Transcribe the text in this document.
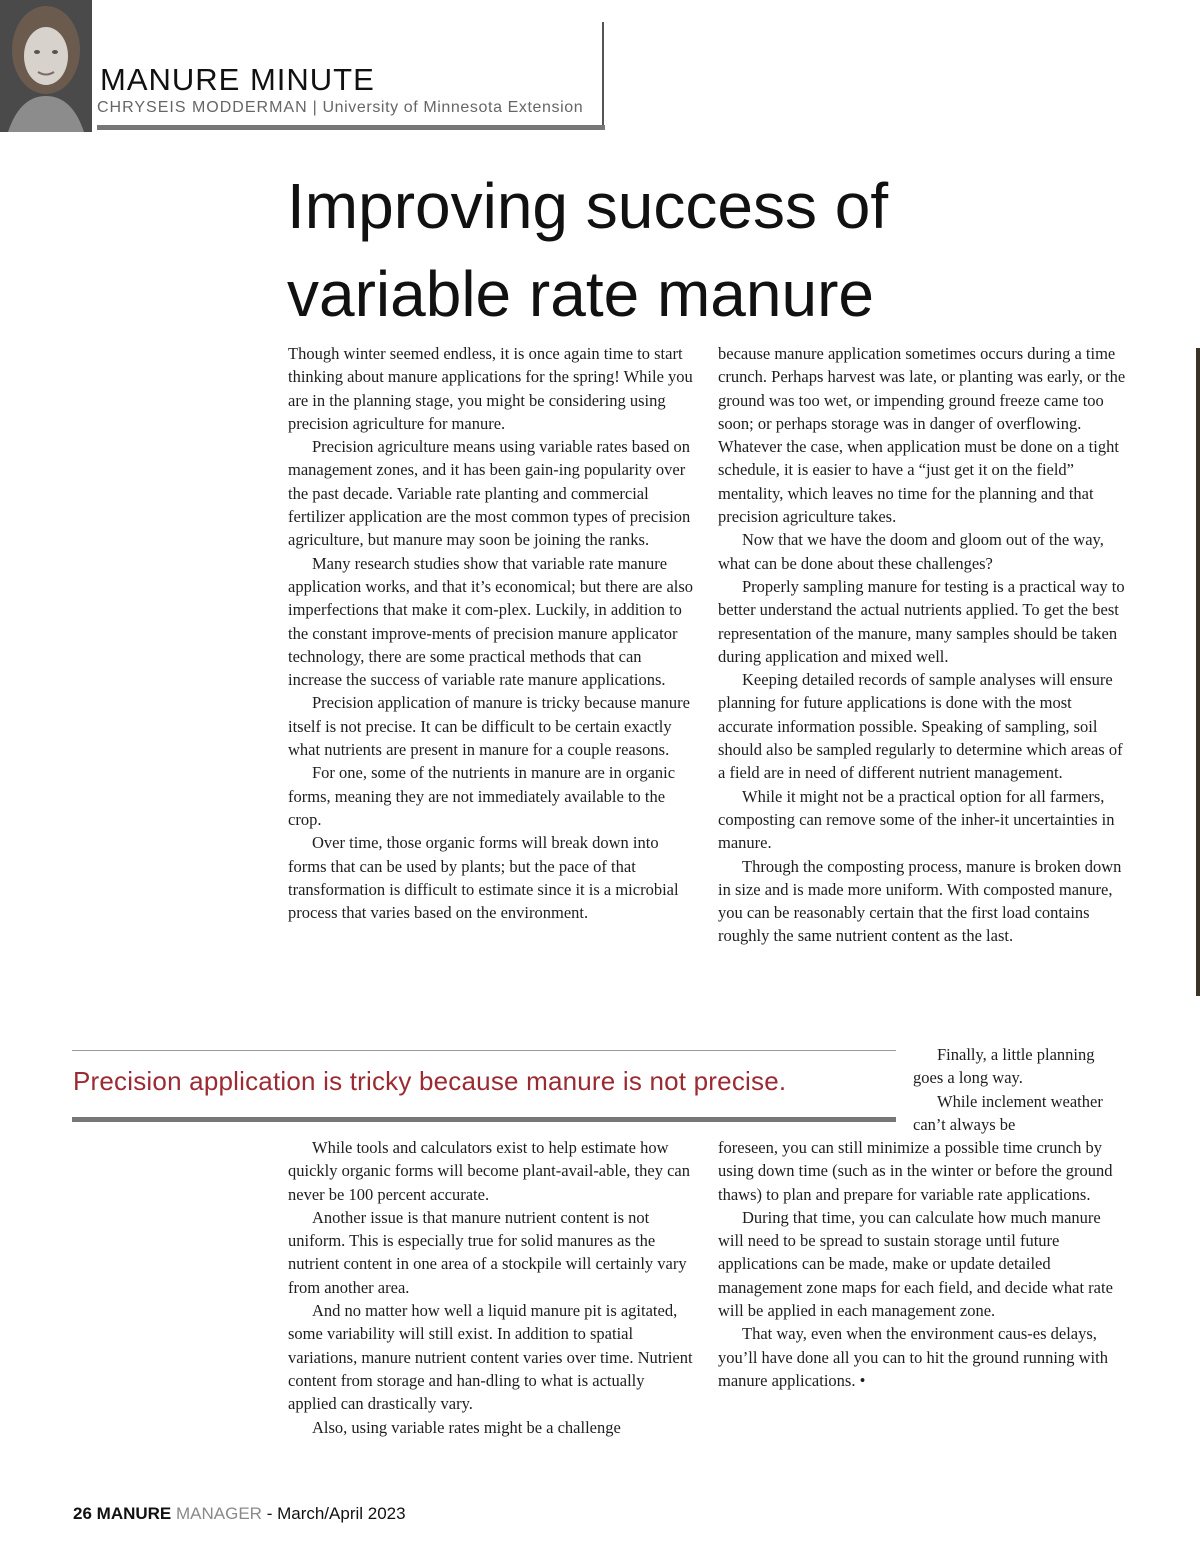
MANURE MINUTE
CHRYSEIS MODDERMAN | University of Minnesota Extension
Improving success of
variable rate manure

Though winter seemed endless, it is once again time to start thinking about manure applications for the spring! While you are in the planning stage, you might be considering using precision agriculture for manure.

Precision agriculture means using variable rates based on management zones, and it has been gain-ing popularity over the past decade. Variable rate planting and commercial fertilizer application are the most common types of precision agriculture, but manure may soon be joining the ranks.

Many research studies show that variable rate manure application works, and that it’s economical; but there are also imperfections that make it com-plex. Luckily, in addition to the constant improve-ments of precision manure applicator technology, there are some practical methods that can increase the success of variable rate manure applications.

Precision application of manure is tricky because manure itself is not precise. It can be difficult to be certain exactly what nutrients are present in manure for a couple reasons.

For one, some of the nutrients in manure are in organic forms, meaning they are not immediately available to the crop.

Over time, those organic forms will break down into forms that can be used by plants; but the pace of that transformation is difficult to estimate since it is a microbial process that varies based on the environment.

because manure application sometimes occurs during a time crunch. Perhaps harvest was late, or planting was early, or the ground was too wet, or impending ground freeze came too soon; or perhaps storage was in danger of overflowing. Whatever the case, when application must be done on a tight schedule, it is easier to have a “just get it on the field” mentality, which leaves no time for the planning and that precision agriculture takes.

Now that we have the doom and gloom out of the way, what can be done about these challenges?

Properly sampling manure for testing is a practical way to better understand the actual nutrients applied. To get the best representation of the manure, many samples should be taken during application and mixed well.

Keeping detailed records of sample analyses will ensure planning for future applications is done with the most accurate information possible. Speaking of sampling, soil should also be sampled regularly to determine which areas of a field are in need of different nutrient management.

While it might not be a practical option for all farmers, composting can remove some of the inher-it uncertainties in manure.

Through the composting process, manure is broken down in size and is made more uniform. With composted manure, you can be reasonably certain that the first load contains roughly the same nutrient content as the last.

Finally, a little planning goes a long way.

While inclement weather can’t always be

Precision application is tricky because manure is not precise.

While tools and calculators exist to help estimate how quickly organic forms will become plant-avail-able, they can never be 100 percent accurate.

Another issue is that manure nutrient content is not uniform. This is especially true for solid manures as the nutrient content in one area of a stockpile will certainly vary from another area.

And no matter how well a liquid manure pit is agitated, some variability will still exist. In addition to spatial variations, manure nutrient content varies over time. Nutrient content from storage and han-dling to what is actually applied can drastically vary.

Also, using variable rates might be a challenge

foreseen, you can still minimize a possible time crunch by using down time (such as in the winter or before the ground thaws) to plan and prepare for variable rate applications.

During that time, you can calculate how much manure will need to be spread to sustain storage until future applications can be made, make or update detailed management zone maps for each field, and decide what rate will be applied in each management zone.

That way, even when the environment caus-es delays, you’ll have done all you can to hit the ground running with manure applications. •

26 MANURE MANAGER - March/April 2023
